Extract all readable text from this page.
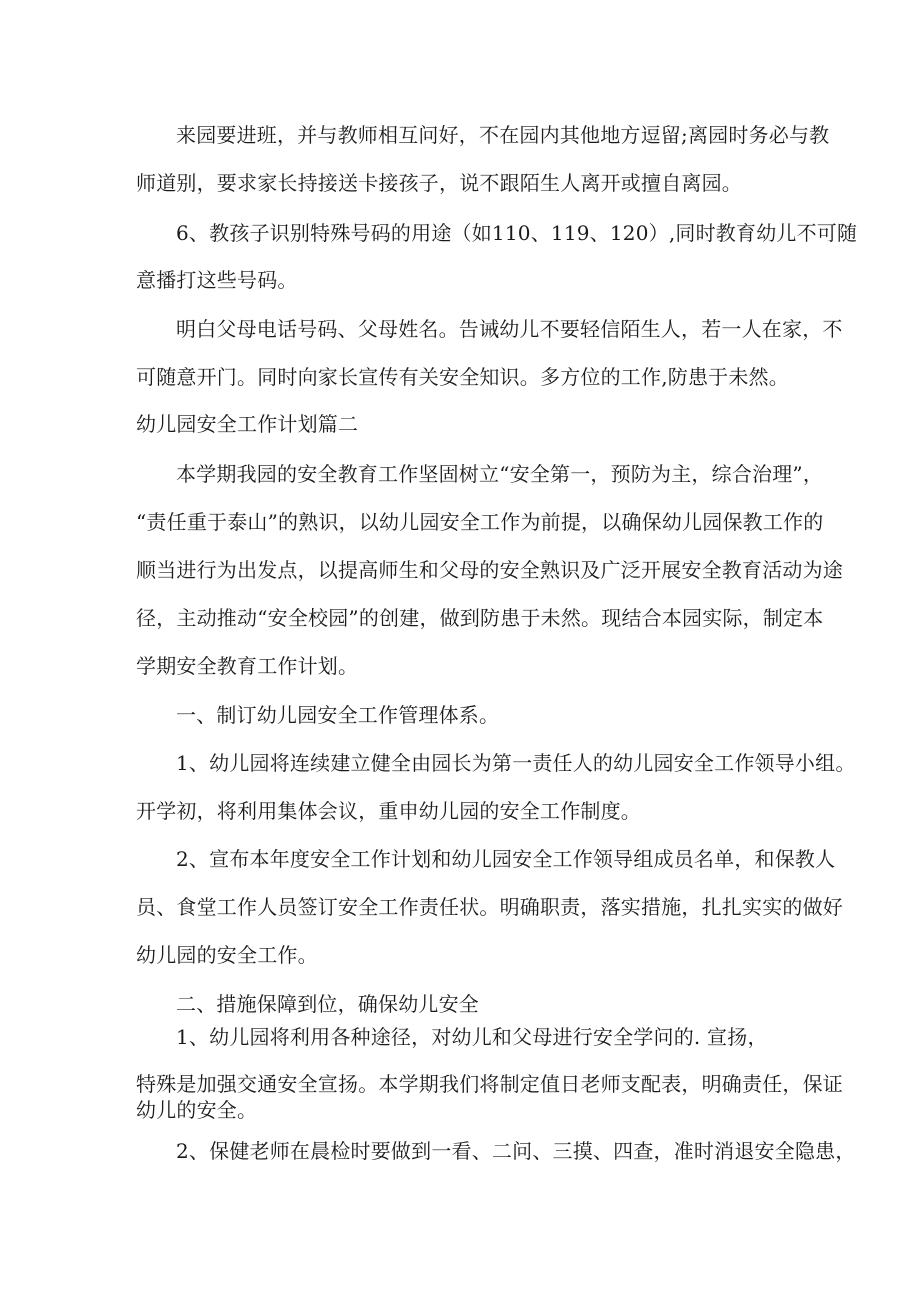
来园要进班，并与教师相互问好，不在园内其他地方逗留;离园时务必与教
师道别，要求家长持接送卡接孩子，说不跟陌生人离开或擅自离园。
6、教孩子识别特殊号码的用途（如110、119、120）,同时教育幼儿不可随
意播打这些号码。
明白父母电话号码、父母姓名。告诫幼儿不要轻信陌生人，若一人在家，不
可随意开门。同时向家长宣传有关安全知识。多方位的工作,防患于未然。
幼儿园安全工作计划篇二
本学期我园的安全教育工作坚固树立“安全第一，预防为主，综合治理”，
“责任重于泰山”的熟识，以幼儿园安全工作为前提，以确保幼儿园保教工作的
顺当进行为出发点，以提高师生和父母的安全熟识及广泛开展安全教育活动为途
径，主动推动“安全校园”的创建，做到防患于未然。现结合本园实际，制定本
学期安全教育工作计划。
一、制订幼儿园安全工作管理体系。
1、幼儿园将连续建立健全由园长为第一责任人的幼儿园安全工作领导小组。
开学初，将利用集体会议，重申幼儿园的安全工作制度。
2、宣布本年度安全工作计划和幼儿园安全工作领导组成员名单，和保教人
员、食堂工作人员签订安全工作责任状。明确职责，落实措施，扎扎实实的做好
幼儿园的安全工作。
二、措施保障到位，确保幼儿安全
1、幼儿园将利用各种途径，对幼儿和父母进行安全学问的. 宣扬，
特殊是加强交通安全宣扬。本学期我们将制定值日老师支配表，明确责任，保证
幼儿的安全。
2、保健老师在晨检时要做到一看、二问、三摸、四查，准时消退安全隐患，
